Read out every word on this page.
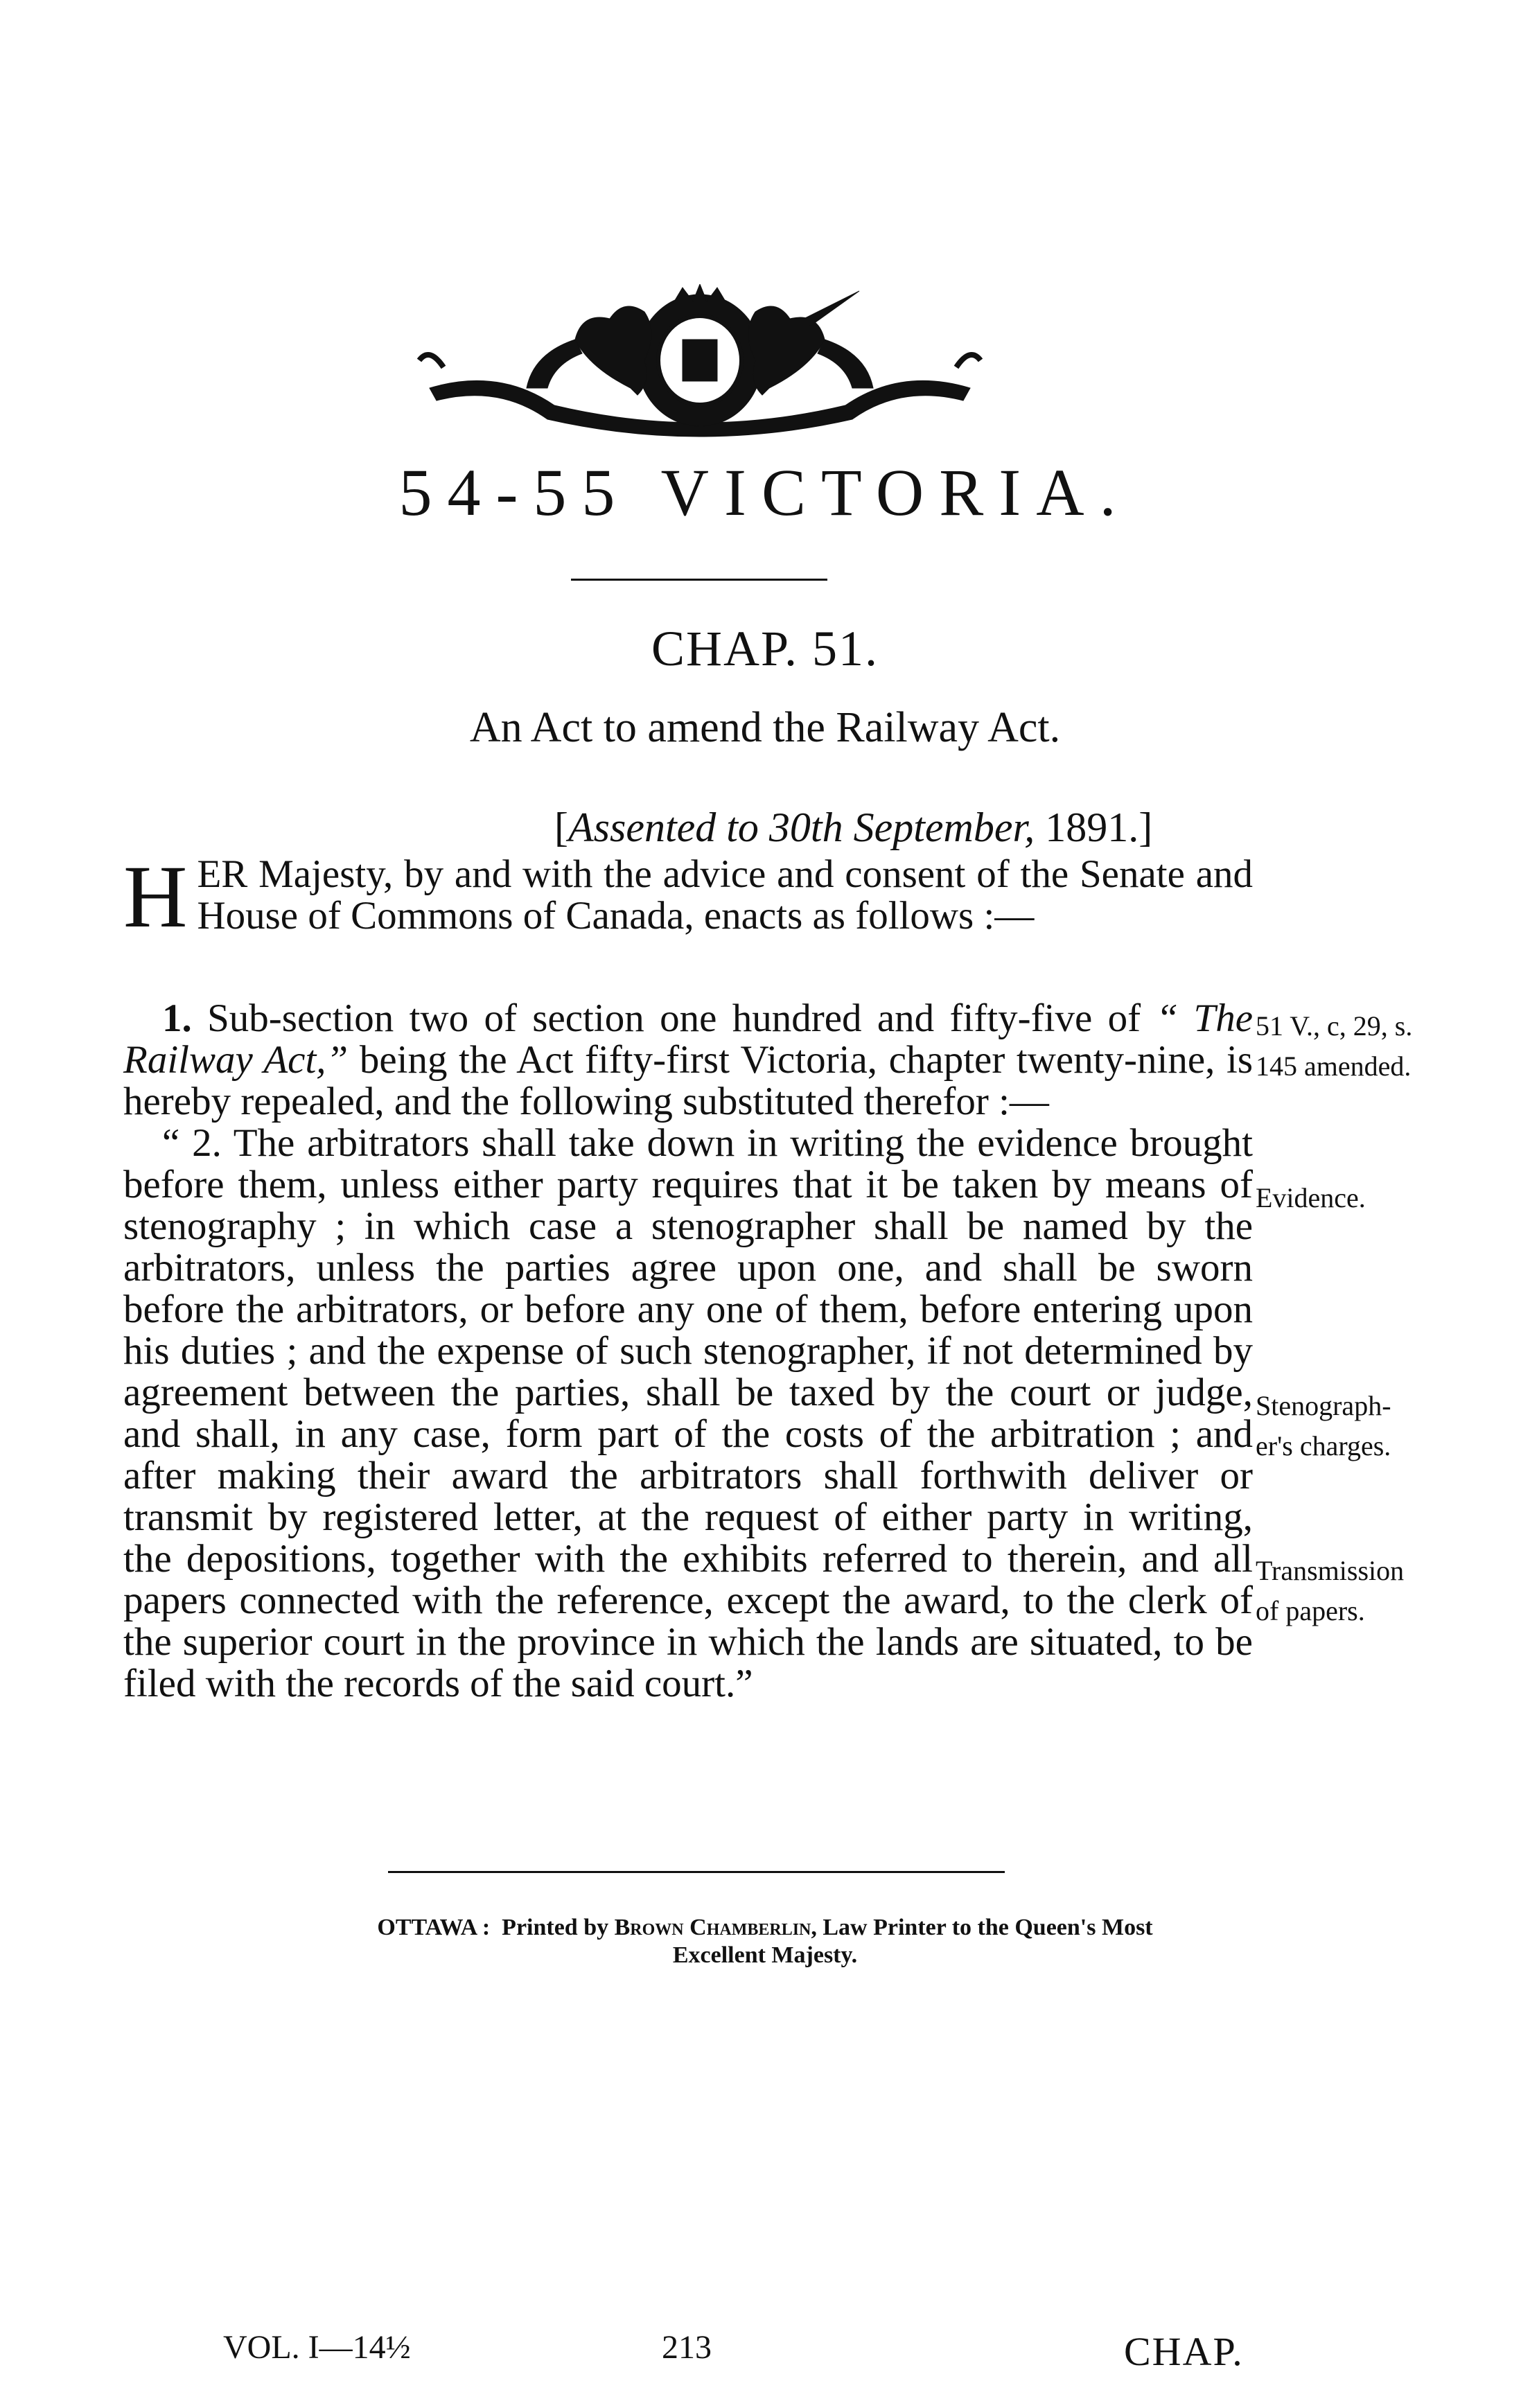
54-55 VICTORIA.
CHAP. 51.
An Act to amend the Railway Act.
[Assented to 30th September, 1891.]
HER Majesty, by and with the advice and consent of the Senate and House of Commons of Canada, enacts as follows :—

1. Sub-section two of section one hundred and fifty-five of “ The Railway Act,” being the Act fifty-first Victoria, chapter twenty-nine, is hereby repealed, and the following substituted therefor :—

“ 2. The arbitrators shall take down in writing the evidence brought before them, unless either party requires that it be taken by means of stenography ; in which case a stenographer shall be named by the arbitrators, unless the parties agree upon one, and shall be sworn before the arbitrators, or before any one of them, before entering upon his duties ; and the expense of such stenographer, if not determined by agreement between the parties, shall be taxed by the court or judge, and shall, in any case, form part of the costs of the arbitration ; and after making their award the arbitrators shall forthwith deliver or transmit by registered letter, at the request of either party in writing, the depositions, together with the exhibits referred to therein, and all papers connected with the reference, except the award, to the clerk of the superior court in the province in which the lands are situated, to be filed with the records of the said court.”

51 V., c, 29, s.
145 amended.
Evidence.
Stenograph-
er's charges.
Transmission
of papers.
OTTAWA : Printed by Brown Chamberlin, Law Printer to the Queen's Most
Excellent Majesty.
VOL. I—14½	213	CHAP.
